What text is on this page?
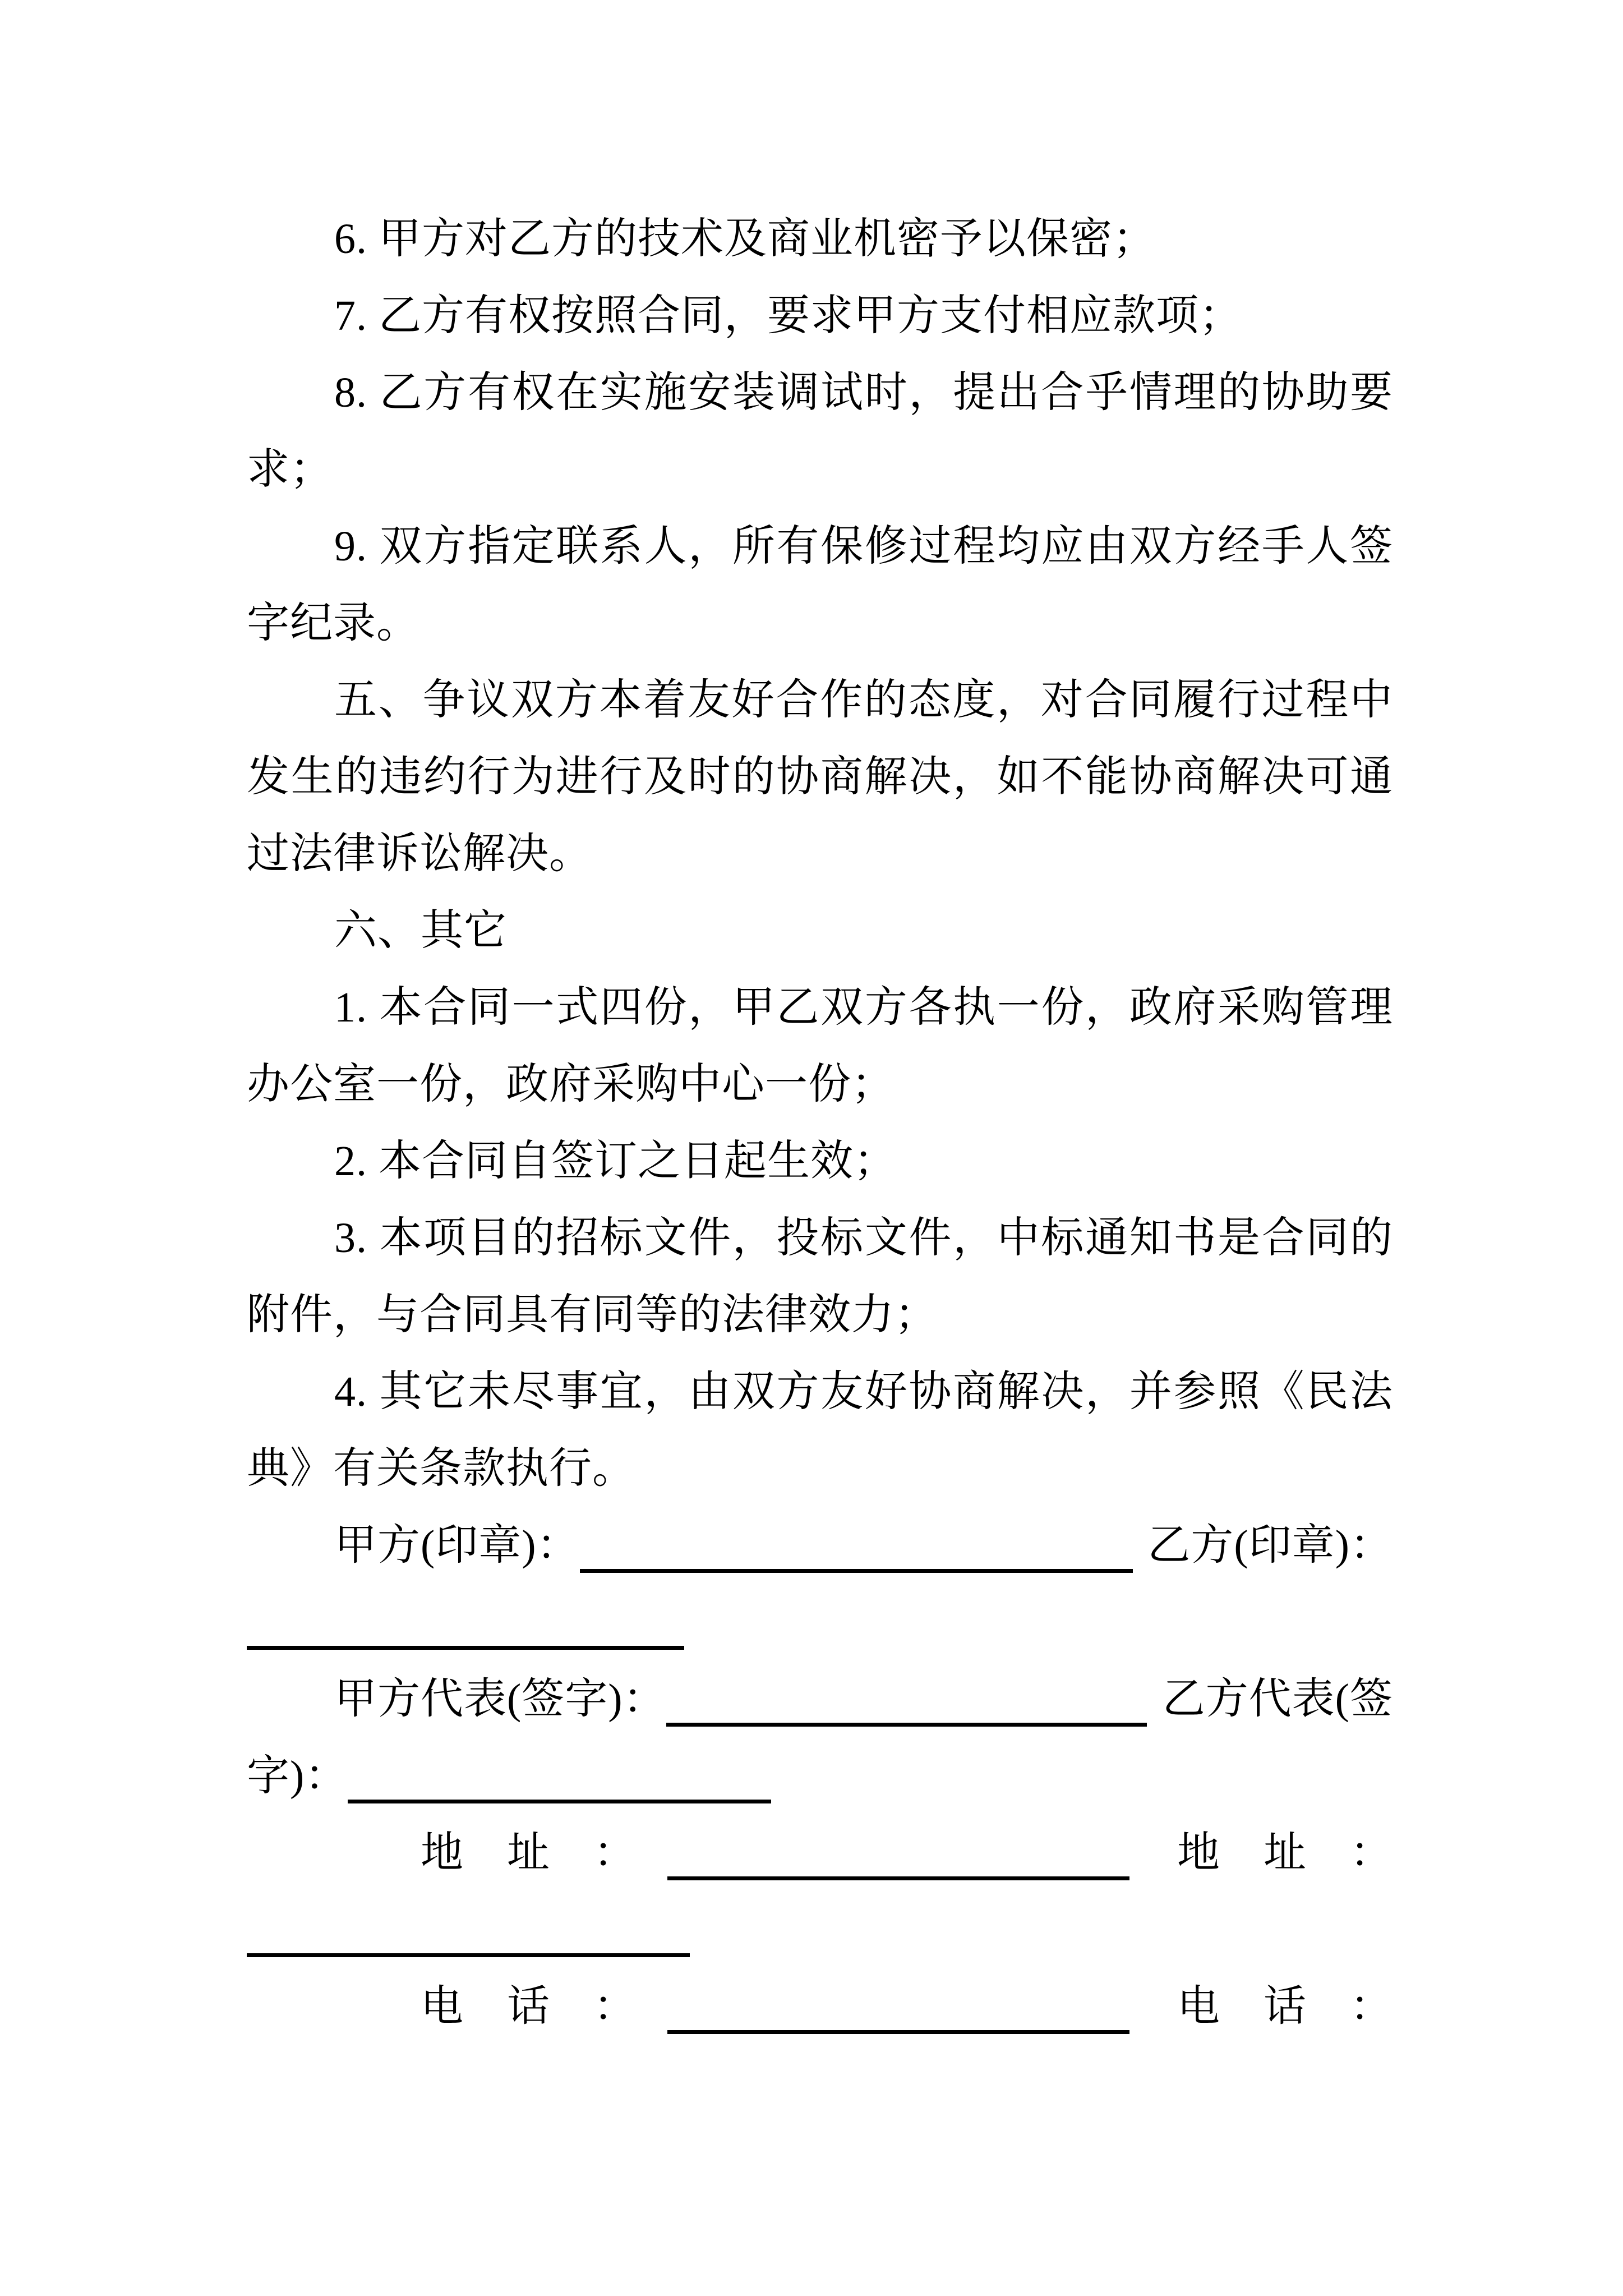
6. 甲方对乙方的技术及商业机密予以保密；
7. 乙方有权按照合同，要求甲方支付相应款项；
8. 乙方有权在实施安装调试时，提出合乎情理的协助要
求；
9. 双方指定联系人，所有保修过程均应由双方经手人签
字纪录。
五、争议双方本着友好合作的态度，对合同履行过程中
发生的违约行为进行及时的协商解决，如不能协商解决可通
过法律诉讼解决。
六、其它
1. 本合同一式四份，甲乙双方各执一份，政府采购管理
办公室一份，政府采购中心一份；
2. 本合同自签订之日起生效；
3. 本项目的招标文件，投标文件，中标通知书是合同的
附件，与合同具有同等的法律效力；
4. 其它未尽事宜，由双方友好协商解决，并参照《民法
典》有关条款执行。
甲方(印章)：	乙方(印章)：
甲方代表(签字)：	乙方代表(签
字)：
地　址　：	地　址　：
电　话　：	电　话　：
